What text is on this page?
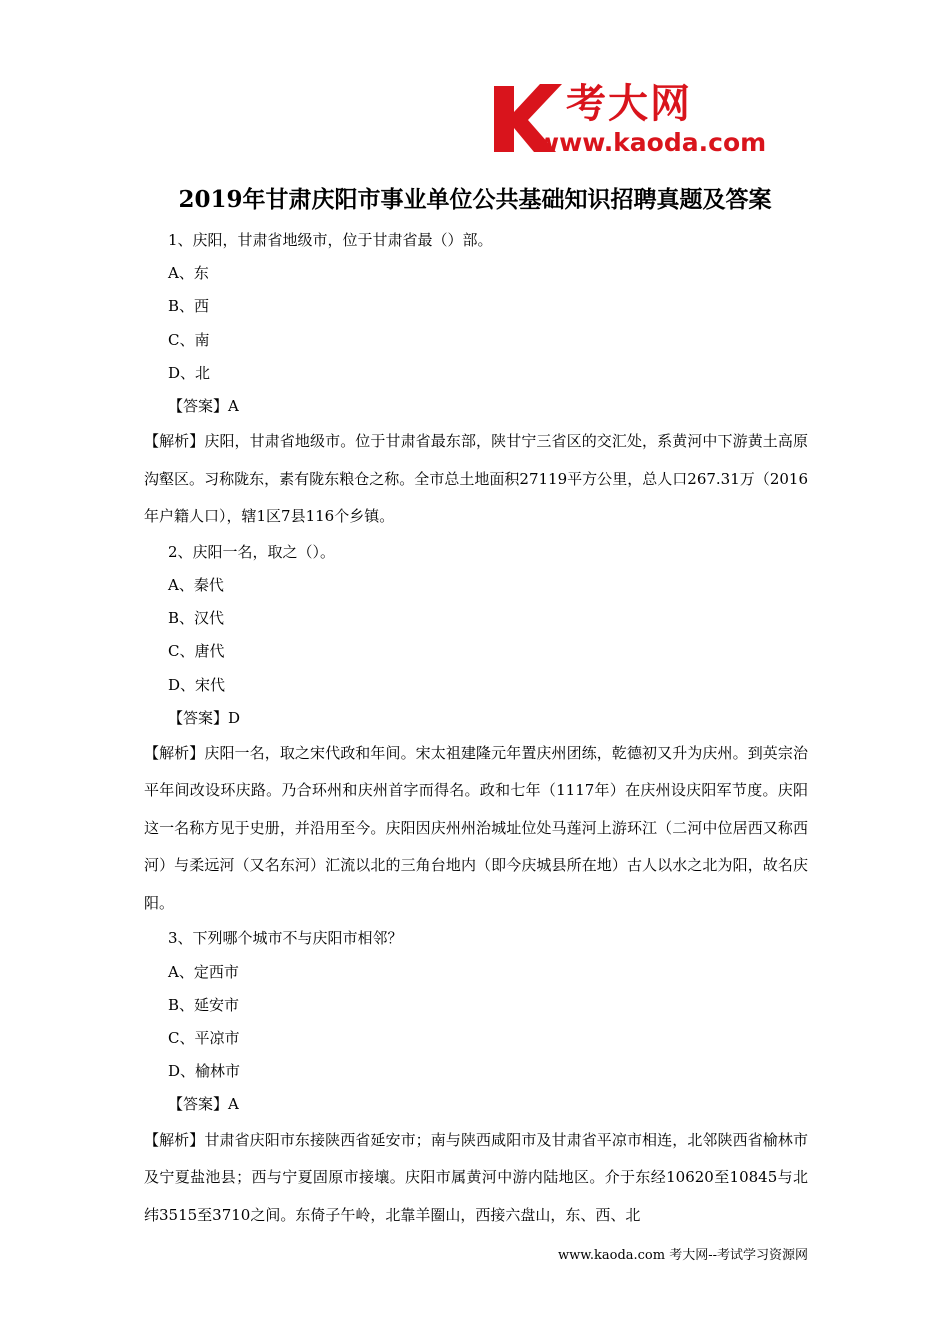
考大网
www.kaoda.com
2019年甘肃庆阳市事业单位公共基础知识招聘真题及答案
1、庆阳，甘肃省地级市，位于甘肃省最（）部。
A、东
B、西
C、南
D、北
【答案】A
【解析】庆阳，甘肃省地级市。位于甘肃省最东部，陕甘宁三省区的交汇处，系黄河中下游黄土高原沟壑区。习称陇东，素有陇东粮仓之称。全市总土地面积27119平方公里，总人口267.31万（2016年户籍人口），辖1区7县116个乡镇。
2、庆阳一名，取之（）。
A、秦代
B、汉代
C、唐代
D、宋代
【答案】D
【解析】庆阳一名，取之宋代政和年间。宋太祖建隆元年置庆州团练，乾德初又升为庆州。到英宗治平年间改设环庆路。乃合环州和庆州首字而得名。政和七年（1117年）在庆州设庆阳军节度。庆阳这一名称方见于史册，并沿用至今。庆阳因庆州州治城址位处马莲河上游环江（二河中位居西又称西河）与柔远河（又名东河）汇流以北的三角台地内（即今庆城县所在地）古人以水之北为阳，故名庆阳。
3、下列哪个城市不与庆阳市相邻？
A、定西市
B、延安市
C、平凉市
D、榆林市
【答案】A
【解析】甘肃省庆阳市东接陕西省延安市；南与陕西咸阳市及甘肃省平凉市相连，北邻陕西省榆林市及宁夏盐池县；西与宁夏固原市接壤。庆阳市属黄河中游内陆地区。介于东经10620至10845与北纬3515至3710之间。东倚子午岭，北靠羊圈山，西接六盘山，东、西、北
www.kaoda.com 考大网--考试学习资源网
